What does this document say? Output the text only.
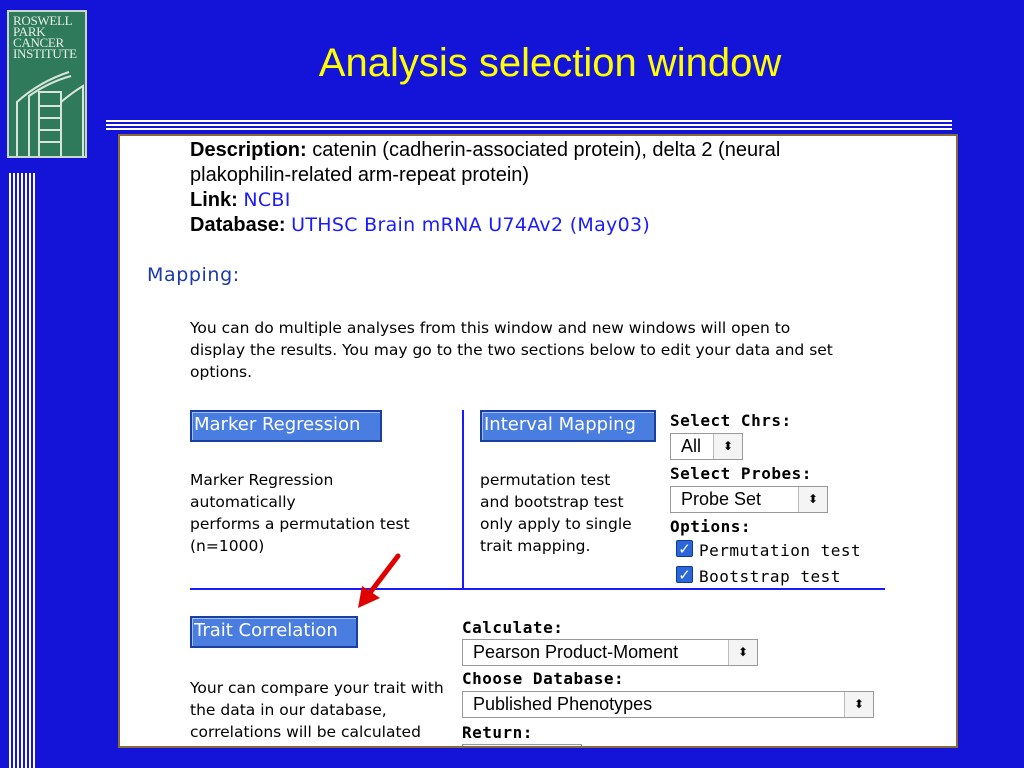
ROSWELL
PARK
CANCER
INSTITUTE	Analysis selection window
Description: catenin (cadherin-associated protein), delta 2 (neural
plakophilin-related arm-repeat protein)
Link: NCBI
Database: UTHSC Brain mRNA U74Av2 (May03)
Mapping:
You can do multiple analyses from this window and new windows will open to
display the results. You may go to the two sections below to edit your data and set
options.
Marker Regression
Marker Regression
automatically
performs a permutation test
(n=1000)
Interval Mapping
permutation test
and bootstrap test
only apply to single
trait mapping.
Select Chrs:
All	⬍
Select Probes:
Probe Set	⬍
Options:
✓ Permutation test
✓ Bootstrap test
Trait Correlation
Your can compare your trait with
the data in our database,
correlations will be calculated
Calculate:
Pearson Product-Moment	⬍
Choose Database:
Published Phenotypes	⬍
Return:
